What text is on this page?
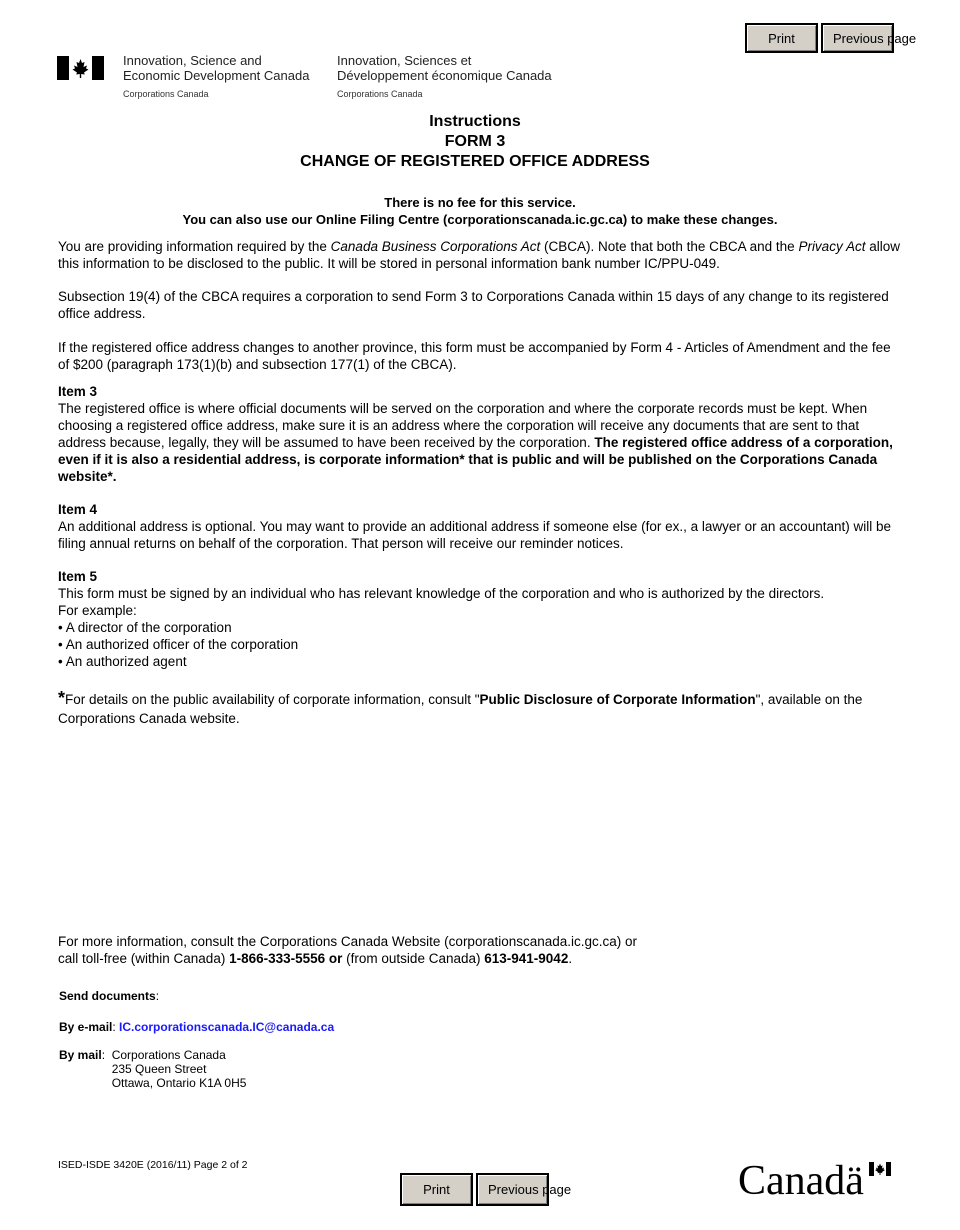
Print	Previous page
Innovation, Science and
Economic Development Canada
Corporations Canada
Innovation, Sciences et
Développement économique Canada
Corporations Canada
Instructions
FORM 3
CHANGE OF REGISTERED OFFICE ADDRESS
There is no fee for this service.
You can also use our Online Filing Centre (corporationscanada.ic.gc.ca) to make these changes.

You are providing information required by the Canada Business Corporations Act (CBCA). Note that both the CBCA and the Privacy Act allow this information to be disclosed to the public. It will be stored in personal information bank number IC/PPU-049.

Subsection 19(4) of the CBCA requires a corporation to send Form 3 to Corporations Canada within 15 days of any change to its registered office address.

If the registered office address changes to another province, this form must be accompanied by Form 4 - Articles of Amendment and the fee of $200 (paragraph 173(1)(b) and subsection 177(1) of the CBCA).

Item 3

The registered office is where official documents will be served on the corporation and where the corporate records must be kept. When choosing a registered office address, make sure it is an address where the corporation will receive any documents that are sent to that address because, legally, they will be assumed to have been received by the corporation. The registered office address of a corporation, even if it is also a residential address, is corporate information* that is public and will be published on the Corporations Canada website*.

Item 4

An additional address is optional. You may want to provide an additional address if someone else (for ex., a lawyer or an accountant) will be filing annual returns on behalf of the corporation. That person will receive our reminder notices.

Item 5

This form must be signed by an individual who has relevant knowledge of the corporation and who is authorized by the directors.

For example:

• A director of the corporation
• An authorized officer of the corporation
• An authorized agent

*For details on the public availability of corporate information, consult "Public Disclosure of Corporate Information", available on the Corporations Canada website.

For more information, consult the Corporations Canada Website (corporationscanada.ic.gc.ca) or

call toll-free (within Canada) 1-866-333-5556 or (from outside Canada) 613-941-9042.

Send documents:
By e-mail: IC.corporationscanada.IC@canada.ca
By mail: Corporations Canada
235 Queen Street
Ottawa, Ontario K1A 0H5
ISED-ISDE 3420E (2016/11) Page 2 of 2
Print	Previous page	Canadä
